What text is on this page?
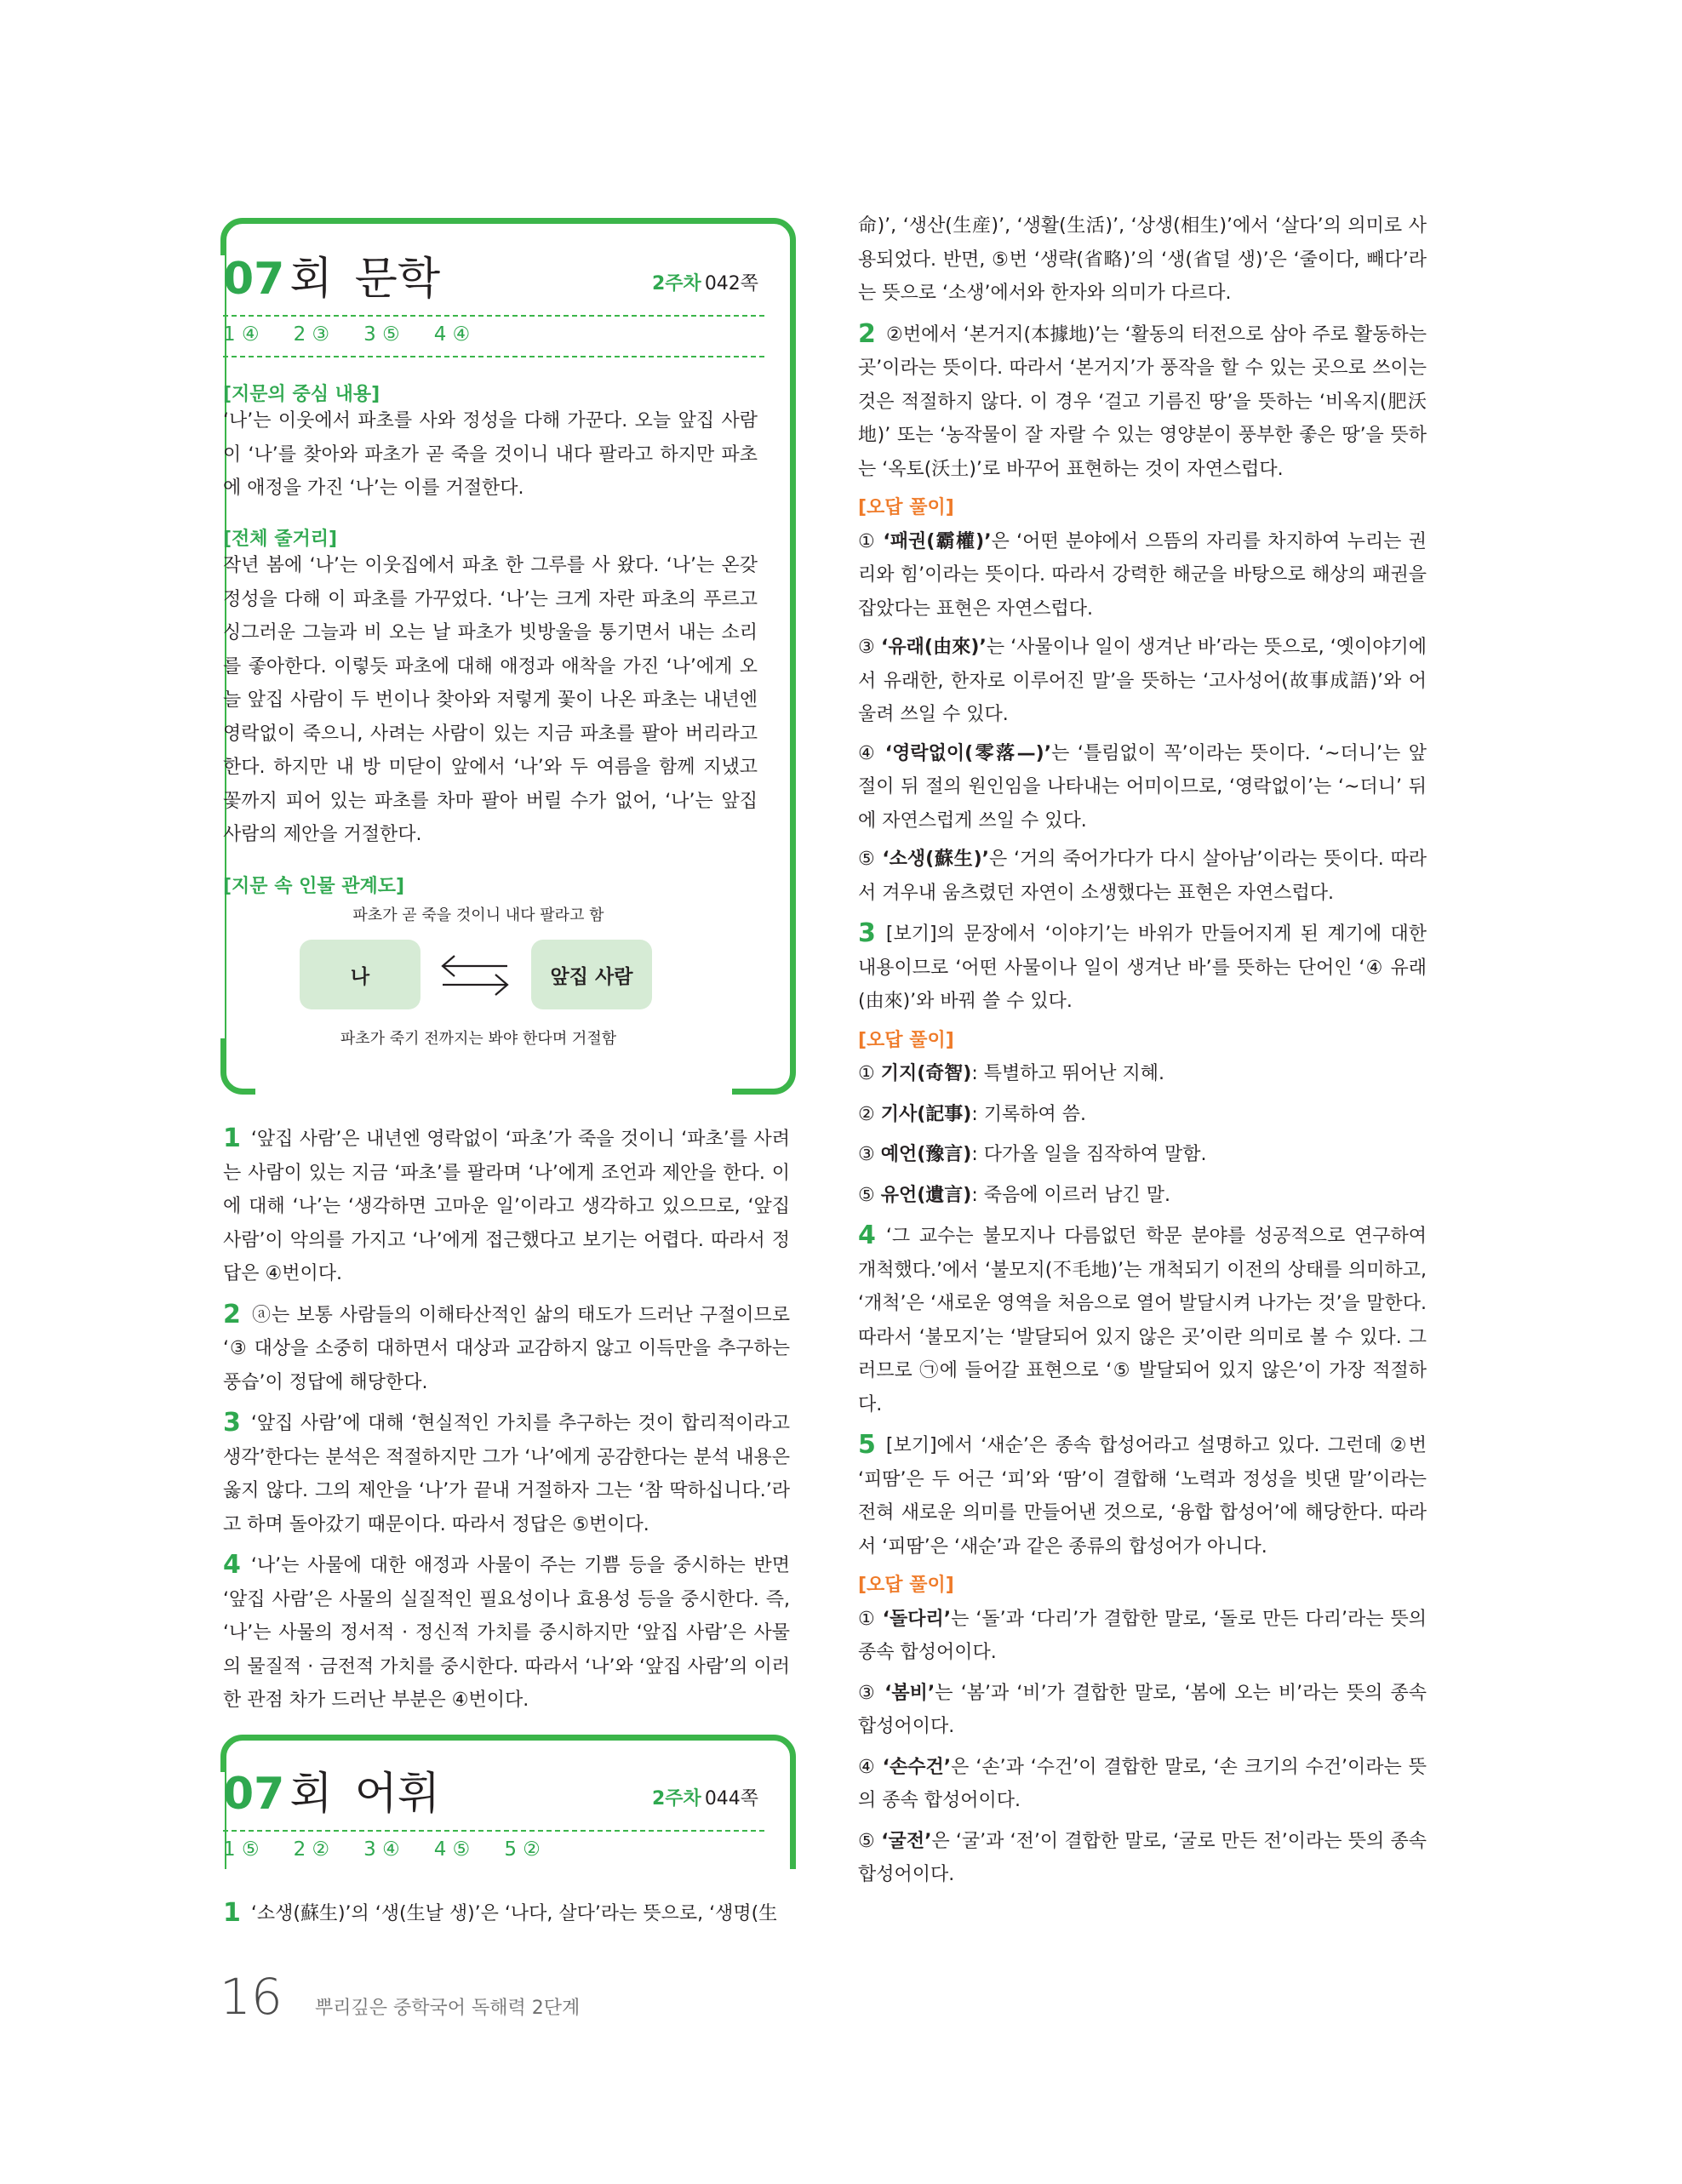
07 회 문학	2주차 042쪽
1 ④ 2 ③ 3 ⑤ 4 ④
[지문의 중심 내용]

‘나’는 이웃에서 파초를 사와 정성을 다해 가꾼다. 오늘 앞집 사람이 ‘나’를 찾아와 파초가 곧 죽을 것이니 내다 팔라고 하지만 파초에 애정을 가진 ‘나’는 이를 거절한다.

[전체 줄거리]

작년 봄에 ‘나’는 이웃집에서 파초 한 그루를 사 왔다. ‘나’는 온갖 정성을 다해 이 파초를 가꾸었다. ‘나’는 크게 자란 파초의 푸르고 싱그러운 그늘과 비 오는 날 파초가 빗방울을 퉁기면서 내는 소리를 좋아한다. 이렇듯 파초에 대해 애정과 애착을 가진 ‘나’에게 오늘 앞집 사람이 두 번이나 찾아와 저렇게 꽃이 나온 파초는 내년엔 영락없이 죽으니, 사려는 사람이 있는 지금 파초를 팔아 버리라고 한다. 하지만 내 방 미닫이 앞에서 ‘나’와 두 여름을 함께 지냈고 꽃까지 피어 있는 파초를 차마 팔아 버릴 수가 없어, ‘나’는 앞집 사람의 제안을 거절한다.

[지문 속 인물 관계도]
파초가 곧 죽을 것이니 내다 팔라고 함
나	앞집 사람
파초가 죽기 전까지는 봐야 한다며 거절함

1 ‘앞집 사람’은 내년엔 영락없이 ‘파초’가 죽을 것이니 ‘파초’를 사려는 사람이 있는 지금 ‘파초’를 팔라며 ‘나’에게 조언과 제안을 한다. 이에 대해 ‘나’는 ‘생각하면 고마운 일’이라고 생각하고 있으므로, ‘앞집 사람’이 악의를 가지고 ‘나’에게 접근했다고 보기는 어렵다. 따라서 정답은 ④번이다.

2 ⓐ는 보통 사람들의 이해타산적인 삶의 태도가 드러난 구절이므로 ‘③ 대상을 소중히 대하면서 대상과 교감하지 않고 이득만을 추구하는 풍습’이 정답에 해당한다.

3 ‘앞집 사람’에 대해 ‘현실적인 가치를 추구하는 것이 합리적이라고 생각’한다는 분석은 적절하지만 그가 ‘나’에게 공감한다는 분석 내용은 옳지 않다. 그의 제안을 ‘나’가 끝내 거절하자 그는 ‘참 딱하십니다.’라고 하며 돌아갔기 때문이다. 따라서 정답은 ⑤번이다.

4 ‘나’는 사물에 대한 애정과 사물이 주는 기쁨 등을 중시하는 반면 ‘앞집 사람’은 사물의 실질적인 필요성이나 효용성 등을 중시한다. 즉, ‘나’는 사물의 정서적 · 정신적 가치를 중시하지만 ‘앞집 사람’은 사물의 물질적 · 금전적 가치를 중시한다. 따라서 ‘나’와 ‘앞집 사람’의 이러한 관점 차가 드러난 부분은 ④번이다.

07 회 어휘	2주차 044쪽
1 ⑤ 2 ② 3 ④ 4 ⑤ 5 ②

1 ‘소생(蘇生)’의 ‘생(生날 생)’은 ‘나다, 살다’라는 뜻으로, ‘생명(生

16 뿌리깊은 중학국어 독해력 2단계

命)’, ‘생산(生産)’, ‘생활(生活)’, ‘상생(相生)’에서 ‘살다’의 의미로 사용되었다. 반면, ⑤번 ‘생략(省略)’의 ‘생(省덜 생)’은 ‘줄이다, 빼다’라는 뜻으로 ‘소생’에서와 한자와 의미가 다르다.

2 ②번에서 ‘본거지(本據地)’는 ‘활동의 터전으로 삼아 주로 활동하는 곳’이라는 뜻이다. 따라서 ‘본거지’가 풍작을 할 수 있는 곳으로 쓰이는 것은 적절하지 않다. 이 경우 ‘걸고 기름진 땅’을 뜻하는 ‘비옥지(肥沃地)’ 또는 ‘농작물이 잘 자랄 수 있는 영양분이 풍부한 좋은 땅’을 뜻하는 ‘옥토(沃土)’로 바꾸어 표현하는 것이 자연스럽다.

[오답 풀이]

① ‘패권(霸權)’은 ‘어떤 분야에서 으뜸의 자리를 차지하여 누리는 권리와 힘’이라는 뜻이다. 따라서 강력한 해군을 바탕으로 해상의 패권을 잡았다는 표현은 자연스럽다.

③ ‘유래(由來)’는 ‘사물이나 일이 생겨난 바’라는 뜻으로, ‘옛이야기에서 유래한, 한자로 이루어진 말’을 뜻하는 ‘고사성어(故事成語)’와 어울려 쓰일 수 있다.

④ ‘영락없이(零落—)’는 ‘틀림없이 꼭’이라는 뜻이다. ‘~더니’는 앞 절이 뒤 절의 원인임을 나타내는 어미이므로, ‘영락없이’는 ‘~더니’ 뒤에 자연스럽게 쓰일 수 있다.

⑤ ‘소생(蘇生)’은 ‘거의 죽어가다가 다시 살아남’이라는 뜻이다. 따라서 겨우내 움츠렸던 자연이 소생했다는 표현은 자연스럽다.

3 [보기]의 문장에서 ‘이야기’는 바위가 만들어지게 된 계기에 대한 내용이므로 ‘어떤 사물이나 일이 생겨난 바’를 뜻하는 단어인 ‘④ 유래(由來)’와 바꿔 쓸 수 있다.

[오답 풀이]

① 기지(奇智): 특별하고 뛰어난 지혜.

② 기사(記事): 기록하여 씀.

③ 예언(豫言): 다가올 일을 짐작하여 말함.

⑤ 유언(遺言): 죽음에 이르러 남긴 말.

4 ‘그 교수는 불모지나 다름없던 학문 분야를 성공적으로 연구하여 개척했다.’에서 ‘불모지(不毛地)’는 개척되기 이전의 상태를 의미하고, ‘개척’은 ‘새로운 영역을 처음으로 열어 발달시켜 나가는 것’을 말한다. 따라서 ‘불모지’는 ‘발달되어 있지 않은 곳’이란 의미로 볼 수 있다. 그러므로 ㉠에 들어갈 표현으로 ‘⑤ 발달되어 있지 않은’이 가장 적절하다.

5 [보기]에서 ‘새순’은 종속 합성어라고 설명하고 있다. 그런데 ②번 ‘피땀’은 두 어근 ‘피’와 ‘땀’이 결합해 ‘노력과 정성을 빗댄 말’이라는 전혀 새로운 의미를 만들어낸 것으로, ‘융합 합성어’에 해당한다. 따라서 ‘피땀’은 ‘새순’과 같은 종류의 합성어가 아니다.

[오답 풀이]

① ‘돌다리’는 ‘돌’과 ‘다리’가 결합한 말로, ‘돌로 만든 다리’라는 뜻의 종속 합성어이다.

③ ‘봄비’는 ‘봄’과 ‘비’가 결합한 말로, ‘봄에 오는 비’라는 뜻의 종속 합성어이다.

④ ‘손수건’은 ‘손’과 ‘수건’이 결합한 말로, ‘손 크기의 수건’이라는 뜻의 종속 합성어이다.

⑤ ‘굴전’은 ‘굴’과 ‘전’이 결합한 말로, ‘굴로 만든 전’이라는 뜻의 종속 합성어이다.
